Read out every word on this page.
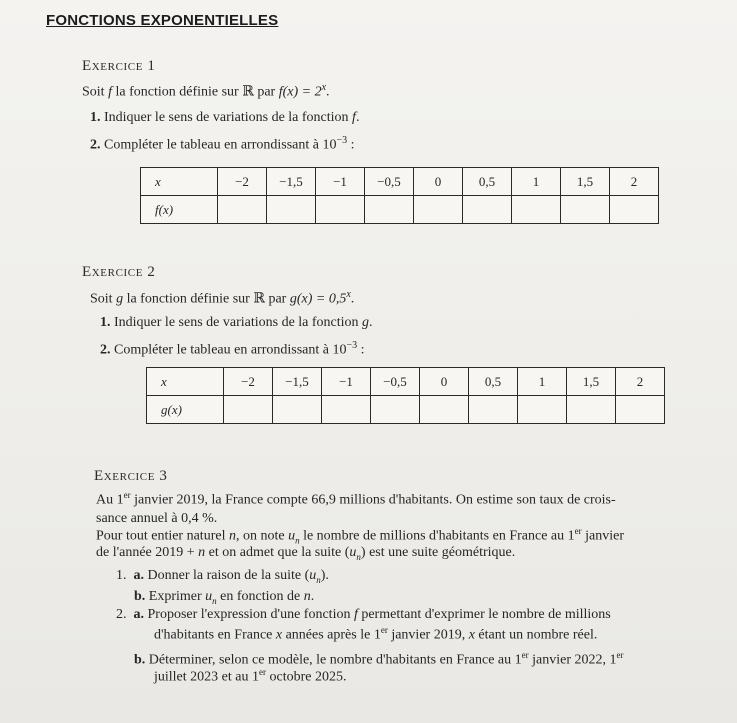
FONCTIONS EXPONENTIELLES
Exercice 1
Soit f la fonction définie sur ℝ par $f(x) = 2^x$.
1. Indiquer le sens de variations de la fonction f.
2. Compléter le tableau en arrondissant à $10^{-3}$ :
x	−2	−1,5	−1	−0,5	0	0,5	1	1,5	2
f(x)									
Exercice 2
Soit g la fonction définie sur ℝ par $g(x) = 0,5^x$.
1. Indiquer le sens de variations de la fonction g.
2. Compléter le tableau en arrondissant à $10^{-3}$ :
x	−2	−1,5	−1	−0,5	0	0,5	1	1,5	2
g(x)									
Exercice 3
Au 1er janvier 2019, la France compte 66,9 millions d'habitants. On estime son taux de crois-
sance annuel à 0,4 %.
Pour tout entier naturel n, on note $u_n$ le nombre de millions d'habitants en France au 1er janvier
de l'année 2019 + n et on admet que la suite $(u_n)$ est une suite géométrique.
1. a. Donner la raison de la suite $(u_n)$.
b. Exprimer $u_n$ en fonction de n.
2. a. Proposer l'expression d'une fonction f permettant d'exprimer le nombre de millions
d'habitants en France x années après le 1er janvier 2019, x étant un nombre réel.
b. Déterminer, selon ce modèle, le nombre d'habitants en France au 1er janvier 2022, 1er
juillet 2023 et au 1er octobre 2025.
